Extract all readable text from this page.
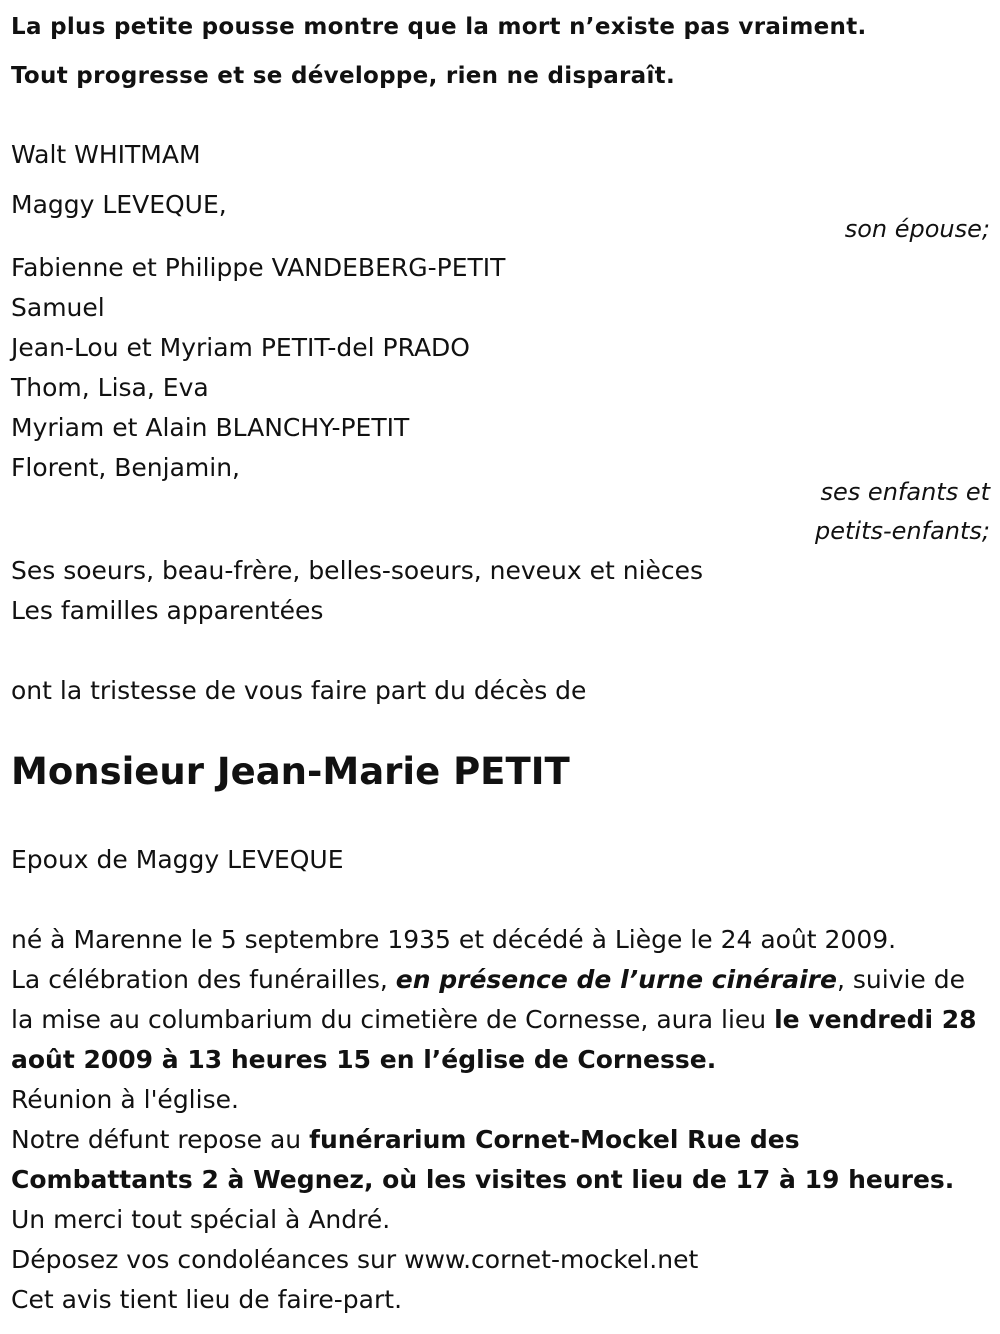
La plus petite pousse montre que la mort n’existe pas vraiment.
Tout progresse et se développe, rien ne disparaît.
Walt WHITMAM
Maggy LEVEQUE,
son épouse;
Fabienne et Philippe VANDEBERG-PETIT
Samuel
Jean-Lou et Myriam PETIT-del PRADO
Thom, Lisa, Eva
Myriam et Alain BLANCHY-PETIT
Florent, Benjamin,
ses enfants et
petits-enfants;
Ses soeurs, beau-frère, belles-soeurs, neveux et nièces
Les familles apparentées
ont la tristesse de vous faire part du décès de
Monsieur Jean-Marie PETIT
Epoux de Maggy LEVEQUE

né à Marenne le 5 septembre 1935 et décédé à Liège le 24 août 2009.

La célébration des funérailles, en présence de l’urne cinéraire, suivie de la mise au columbarium du cimetière de Cornesse, aura lieu le vendredi 28 août 2009 à 13 heures 15 en l’église de Cornesse.

Réunion à l'église.

Notre défunt repose au funérarium Cornet-Mockel Rue des Combattants 2 à Wegnez, où les visites ont lieu de 17 à 19 heures.

Un merci tout spécial à André.

Déposez vos condoléances sur www.cornet-mockel.net

Cet avis tient lieu de faire-part.
